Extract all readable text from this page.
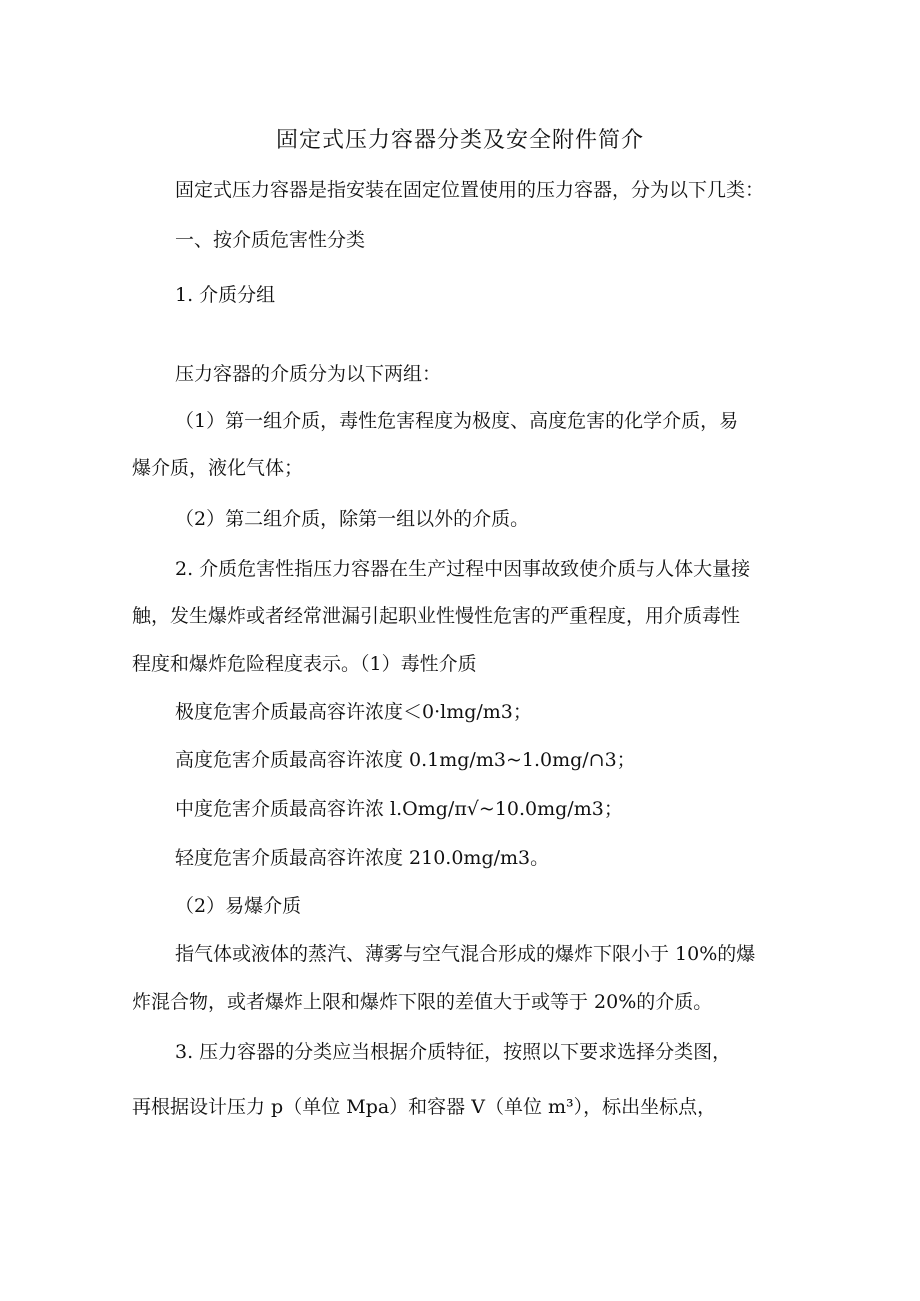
固定式压力容器分类及安全附件简介
固定式压力容器是指安装在固定位置使用的压力容器，分为以下几类：
一、按介质危害性分类
1. 介质分组
压力容器的介质分为以下两组：
（1）第一组介质，毒性危害程度为极度、高度危害的化学介质，易
爆介质，液化气体；
（2）第二组介质，除第一组以外的介质。
2. 介质危害性指压力容器在生产过程中因事故致使介质与人体大量接
触，发生爆炸或者经常泄漏引起职业性慢性危害的严重程度，用介质毒性
程度和爆炸危险程度表示。（1）毒性介质
极度危害介质最高容许浓度＜0·lmg∕m3；
高度危害介质最高容许浓度 0.1mg∕m3~1.0mg∕∩3；
中度危害介质最高容许浓 l.Omg∕π√~10.0mg∕m3；
轻度危害介质最高容许浓度 210.0mg∕m3。
（2）易爆介质
指气体或液体的蒸汽、薄雾与空气混合形成的爆炸下限小于 10%的爆
炸混合物，或者爆炸上限和爆炸下限的差值大于或等于 20%的介质。
3. 压力容器的分类应当根据介质特征，按照以下要求选择分类图，
再根据设计压力 p（单位 Mpa）和容器 V（单位 m³），标出坐标点，
